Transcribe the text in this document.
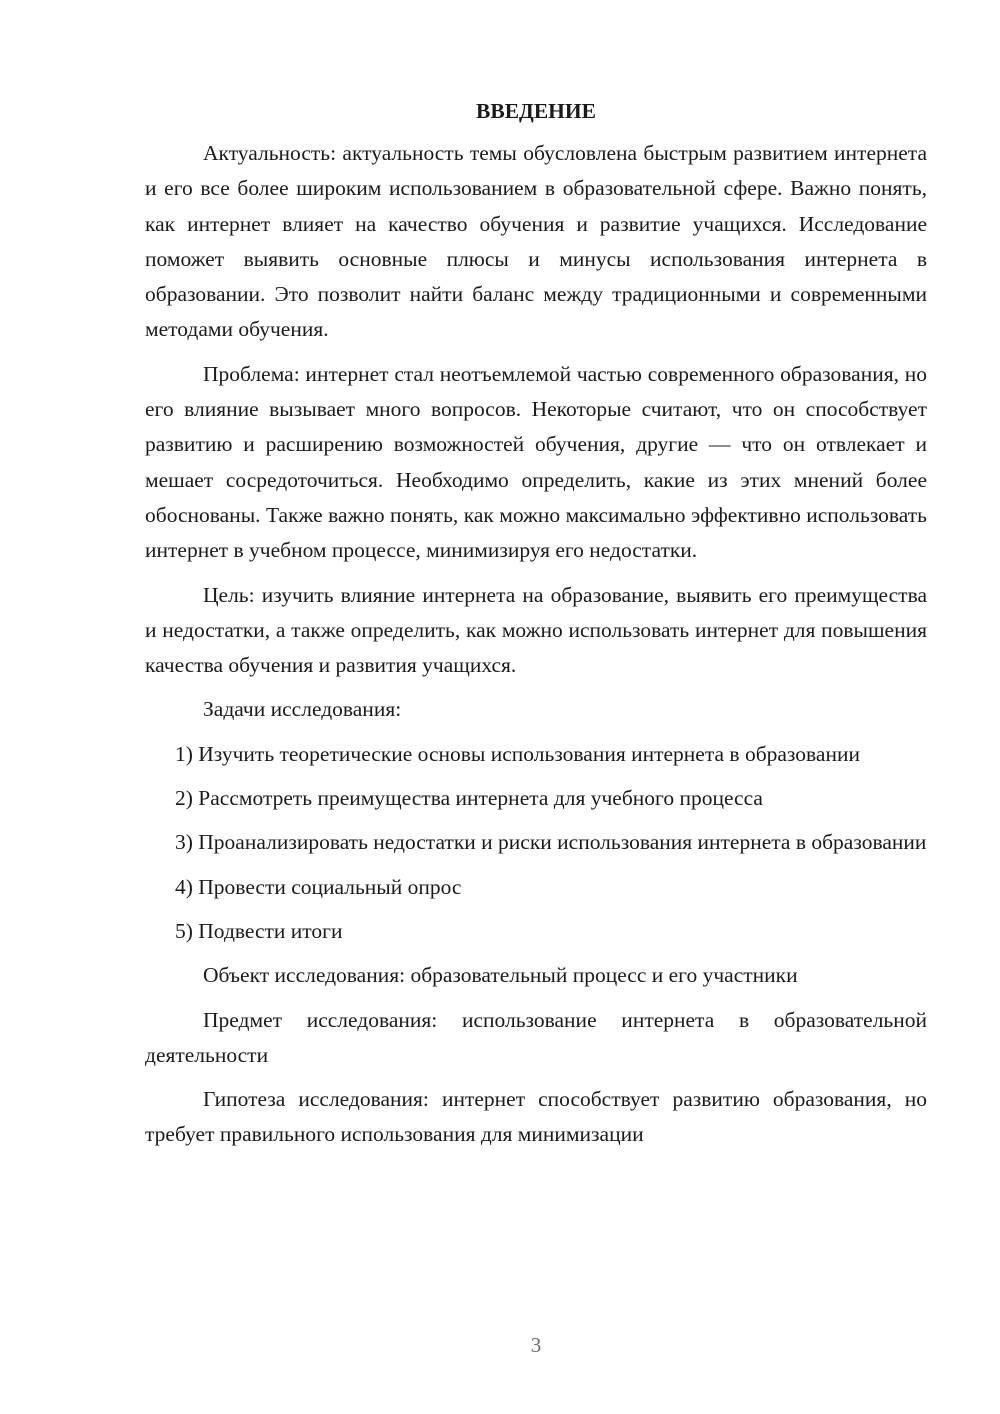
ВВЕДЕНИЕ

Актуальность: актуальность темы обусловлена быстрым развитием интернета и его все более широким использованием в образовательной сфере. Важно понять, как интернет влияет на качество обучения и развитие учащихся. Исследование поможет выявить основные плюсы и минусы использования интернета в образовании. Это позволит найти баланс между традиционными и современными методами обучения.

Проблема: интернет стал неотъемлемой частью современного образования, но его влияние вызывает много вопросов. Некоторые считают, что он способствует развитию и расширению возможностей обучения, другие — что он отвлекает и мешает сосредоточиться. Необходимо определить, какие из этих мнений более обоснованы. Также важно понять, как можно максимально эффективно использовать интернет в учебном процессе, минимизируя его недостатки.

Цель: изучить влияние интернета на образование, выявить его преимущества и недостатки, а также определить, как можно использовать интернет для повышения качества обучения и развития учащихся.

Задачи исследования:

1) Изучить теоретические основы использования интернета в образовании

2) Рассмотреть преимущества интернета для учебного процесса

3) Проанализировать недостатки и риски использования интернета в образовании

4) Провести социальный опрос

5) Подвести итоги

Объект исследования: образовательный процесс и его участники

Предмет исследования: использование интернета в образовательной деятельности

Гипотеза исследования: интернет способствует развитию образования, но требует правильного использования для минимизации

3
